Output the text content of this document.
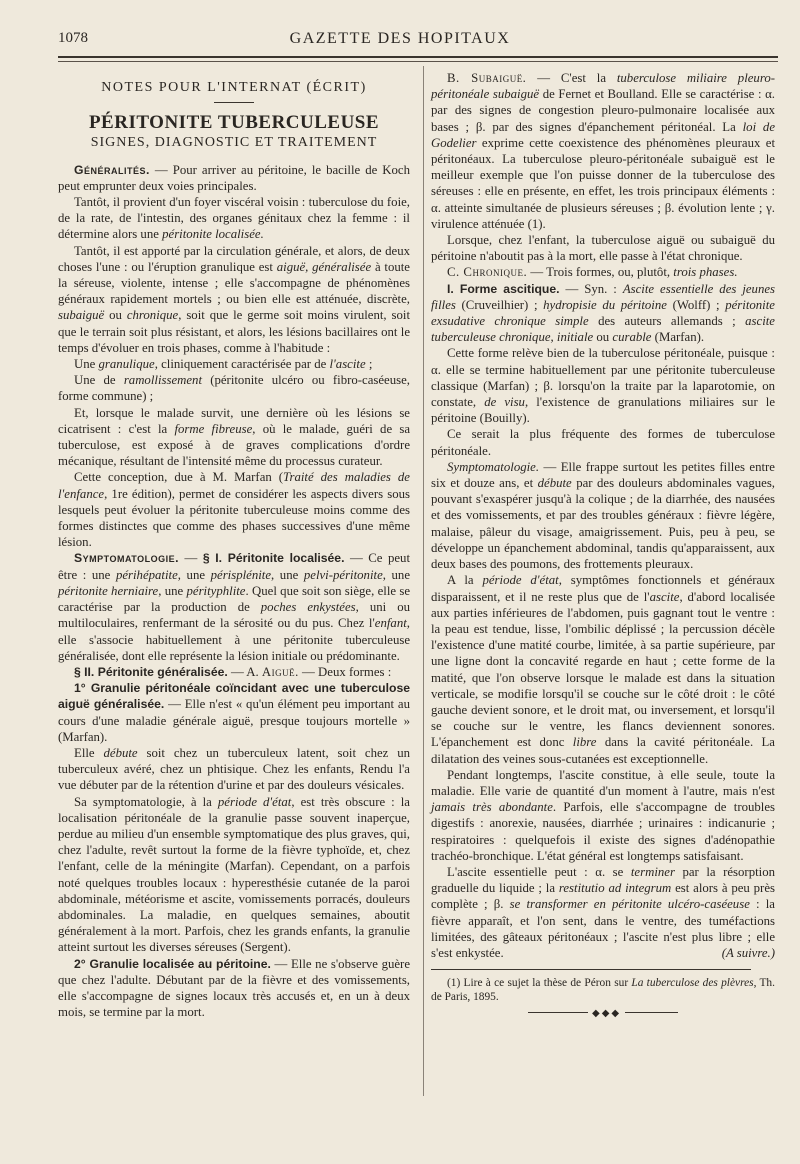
1078	GAZETTE DES HOPITAUX
NOTES POUR L'INTERNAT (ÉCRIT)
PÉRITONITE TUBERCULEUSE
SIGNES, DIAGNOSTIC ET TRAITEMENT

Généralités. — Pour arriver au péritoine, le bacille de Koch peut emprunter deux voies principales.

Tantôt, il provient d'un foyer viscéral voisin : tuberculose du foie, de la rate, de l'intestin, des organes génitaux chez la femme : il détermine alors une péritonite localisée.

Tantôt, il est apporté par la circulation générale, et alors, de deux choses l'une : ou l'éruption granulique est aiguë, généralisée à toute la séreuse, violente, intense ; elle s'accompagne de phénomènes généraux rapidement mortels ; ou bien elle est atténuée, discrète, subaiguë ou chronique, soit que le germe soit moins virulent, soit que le terrain soit plus résistant, et alors, les lésions bacillaires ont le temps d'évoluer en trois phases, comme à l'habitude :

Une granulique, cliniquement caractérisée par de l'ascite ;

Une de ramollissement (péritonite ulcéro ou fibro-caséeuse, forme commune) ;

Et, lorsque le malade survit, une dernière où les lésions se cicatrisent : c'est la forme fibreuse, où le malade, guéri de sa tuberculose, est exposé à de graves complications d'ordre mécanique, résultant de l'intensité même du processus curateur.

Cette conception, due à M. Marfan (Traité des maladies de l'enfance, 1re édition), permet de considérer les aspects divers sous lesquels peut évoluer la péritonite tuberculeuse moins comme des formes distinctes que comme des phases successives d'une même lésion.

Symptomatologie. — § I. Péritonite localisée. — Ce peut être : une périhépatite, une périsplénite, une pelvi-péritonite, une péritonite herniaire, une pérityphlite. Quel que soit son siège, elle se caractérise par la production de poches enkystées, uni ou multiloculaires, renfermant de la sérosité ou du pus. Chez l'enfant, elle s'associe habituellement à une péritonite tuberculeuse généralisée, dont elle représente la lésion initiale ou prédominante.

§ II. Péritonite généralisée. — A. Aiguë. — Deux formes :

1° Granulie péritonéale coïncidant avec une tuberculose aiguë généralisée. — Elle n'est « qu'un élément peu important au cours d'une maladie générale aiguë, presque toujours mortelle » (Marfan).

Elle débute soit chez un tuberculeux latent, soit chez un tuberculeux avéré, chez un phtisique. Chez les enfants, Rendu l'a vue débuter par de la rétention d'urine et par des douleurs vésicales.

Sa symptomatologie, à la période d'état, est très obscure : la localisation péritonéale de la granulie passe souvent inaperçue, perdue au milieu d'un ensemble symptomatique des plus graves, qui, chez l'adulte, revêt surtout la forme de la fièvre typhoïde, et, chez l'enfant, celle de la méningite (Marfan). Cependant, on a parfois noté quelques troubles locaux : hyperesthésie cutanée de la paroi abdominale, météorisme et ascite, vomissements porracés, douleurs abdominales. La maladie, en quelques semaines, aboutit généralement à la mort. Parfois, chez les grands enfants, la granulie atteint surtout les diverses séreuses (Sergent).

2° Granulie localisée au péritoine. — Elle ne s'observe guère que chez l'adulte. Débutant par de la fièvre et des vomissements, elle s'accompagne de signes locaux très accusés et, en un à deux mois, se termine par la mort.

B. Subaiguë. — C'est la tuberculose miliaire pleuro-péritonéale subaiguë de Fernet et Boulland. Elle se caractérise : α. par des signes de congestion pleuro-pulmonaire localisée aux bases ; β. par des signes d'épanchement péritonéal. La loi de Godelier exprime cette coexistence des phénomènes pleuraux et péritonéaux. La tuberculose pleuro-péritonéale subaiguë est le meilleur exemple que l'on puisse donner de la tuberculose des séreuses : elle en présente, en effet, les trois principaux éléments : α. atteinte simultanée de plusieurs séreuses ; β. évolution lente ; γ. virulence atténuée (1).

Lorsque, chez l'enfant, la tuberculose aiguë ou subaiguë du péritoine n'aboutit pas à la mort, elle passe à l'état chronique.

C. Chronique. — Trois formes, ou, plutôt, trois phases.

I. Forme ascitique. — Syn. : Ascite essentielle des jeunes filles (Cruveilhier) ; hydropisie du péritoine (Wolff) ; péritonite exsudative chronique simple des auteurs allemands ; ascite tuberculeuse chronique, initiale ou curable (Marfan).

Cette forme relève bien de la tuberculose péritonéale, puisque : α. elle se termine habituellement par une péritonite tuberculeuse classique (Marfan) ; β. lorsqu'on la traite par la laparotomie, on constate, de visu, l'existence de granulations miliaires sur le péritoine (Bouilly).

Ce serait la plus fréquente des formes de tuberculose péritonéale.

Symptomatologie. — Elle frappe surtout les petites filles entre six et douze ans, et débute par des douleurs abdominales vagues, pouvant s'exaspérer jusqu'à la colique ; de la diarrhée, des nausées et des vomissements, et par des troubles généraux : fièvre légère, malaise, pâleur du visage, amaigrissement. Puis, peu à peu, se développe un épanchement abdominal, tandis qu'apparaissent, aux deux bases des poumons, des frottements pleuraux.

A la période d'état, symptômes fonctionnels et généraux disparaissent, et il ne reste plus que de l'ascite, d'abord localisée aux parties inférieures de l'abdomen, puis gagnant tout le ventre : la peau est tendue, lisse, l'ombilic déplissé ; la percussion décèle l'existence d'une matité courbe, limitée, à sa partie supérieure, par une ligne dont la concavité regarde en haut ; cette forme de la matité, que l'on observe lorsque le malade est dans la situation verticale, se modifie lorsqu'il se couche sur le côté droit : le côté gauche devient sonore, et le droit mat, ou inversement, et lorsqu'il se couche sur le ventre, les flancs deviennent sonores. L'épanchement est donc libre dans la cavité péritonéale. La dilatation des veines sous-cutanées est exceptionnelle.

Pendant longtemps, l'ascite constitue, à elle seule, toute la maladie. Elle varie de quantité d'un moment à l'autre, mais n'est jamais très abondante. Parfois, elle s'accompagne de troubles digestifs : anorexie, nausées, diarrhée ; urinaires : indicanurie ; respiratoires : quelquefois il existe des signes d'adénopathie trachéo-bronchique. L'état général est longtemps satisfaisant.

L'ascite essentielle peut : α. se terminer par la résorption graduelle du liquide ; la restitutio ad integrum est alors à peu près complète ; β. se transformer en péritonite ulcéro-caséeuse : la fièvre apparaît, et l'on sent, dans le ventre, des tuméfactions limitées, des gâteaux péritonéaux ; l'ascite n'est plus libre ; elle s'est enkystée.	(A suivre.)

(1) Lire à ce sujet la thèse de Péron sur La tuberculose des plèvres, Th. de Paris, 1895.

◆◆◆
